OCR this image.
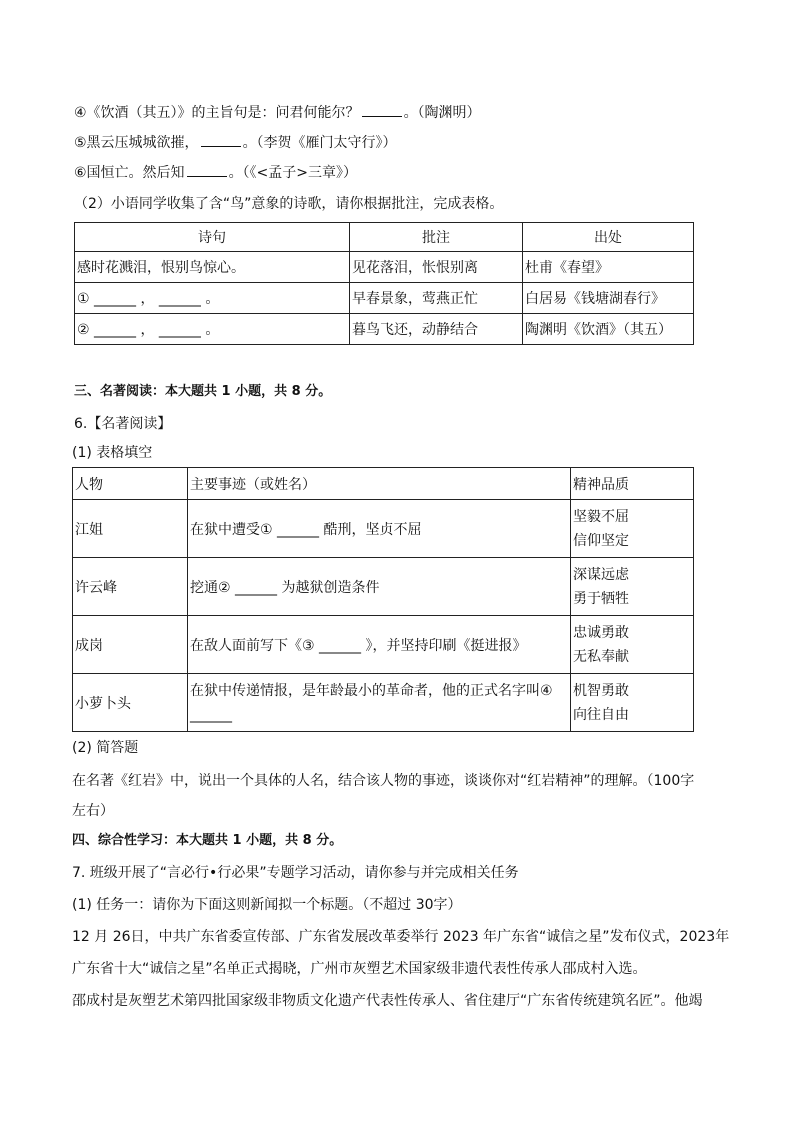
④《饮酒（其五）》的主旨句是：问君何能尔？	。（陶渊明）
⑤黑云压城城欲摧，	。（李贺《雁门太守行》）
⑥国恒亡。然后知	。（《<孟子>三章》）
（2）小语同学收集了含“鸟”意象的诗歌，请你根据批注，完成表格。
诗句	批注	出处
感时花溅泪，恨别鸟惊心。	见花落泪，怅恨别离	杜甫《春望》
① ______ ， ______ 。	早春景象，莺燕正忙	白居易《钱塘湖春行》
② ______ ， ______ 。	暮鸟飞还，动静结合	陶渊明《饮酒》（其五）
三、名著阅读：本大题共 1 小题，共 8 分。
6.【名著阅读】
(1) 表格填空
人物	主要事迹（或姓名）	精神品质
江姐	在狱中遭受① ______ 酷刑，坚贞不屈	坚毅不屈
信仰坚定

许云峰	挖通② ______ 为越狱创造条件	深谋远虑
勇于牺牲

成岗	在敌人面前写下《③ ______ 》，并坚持印刷《挺进报》	忠诚勇敢
无私奉献

小萝卜头	在狱中传递情报，是年龄最小的革命者，他的正式名字叫④
______	机智勇敢
向往自由
(2) 简答题
在名著《红岩》中，说出一个具体的人名，结合该人物的事迹，谈谈你对“红岩精神”的理解。（100字
左右）
四、综合性学习：本大题共 1 小题，共 8 分。
7. 班级开展了“言必行•行必果”专题学习活动，请你参与并完成相关任务
(1) 任务一：请你为下面这则新闻拟一个标题。（不超过 30字）
12 月 26日，中共广东省委宣传部、广东省发展改革委举行 2023 年广东省“诚信之星”发布仪式，2023年
广东省十大“诚信之星”名单正式揭晓，广州市灰塑艺术国家级非遗代表性传承人邵成村入选。
邵成村是灰塑艺术第四批国家级非物质文化遗产代表性传承人、省住建厅“广东省传统建筑名匠”。他竭
